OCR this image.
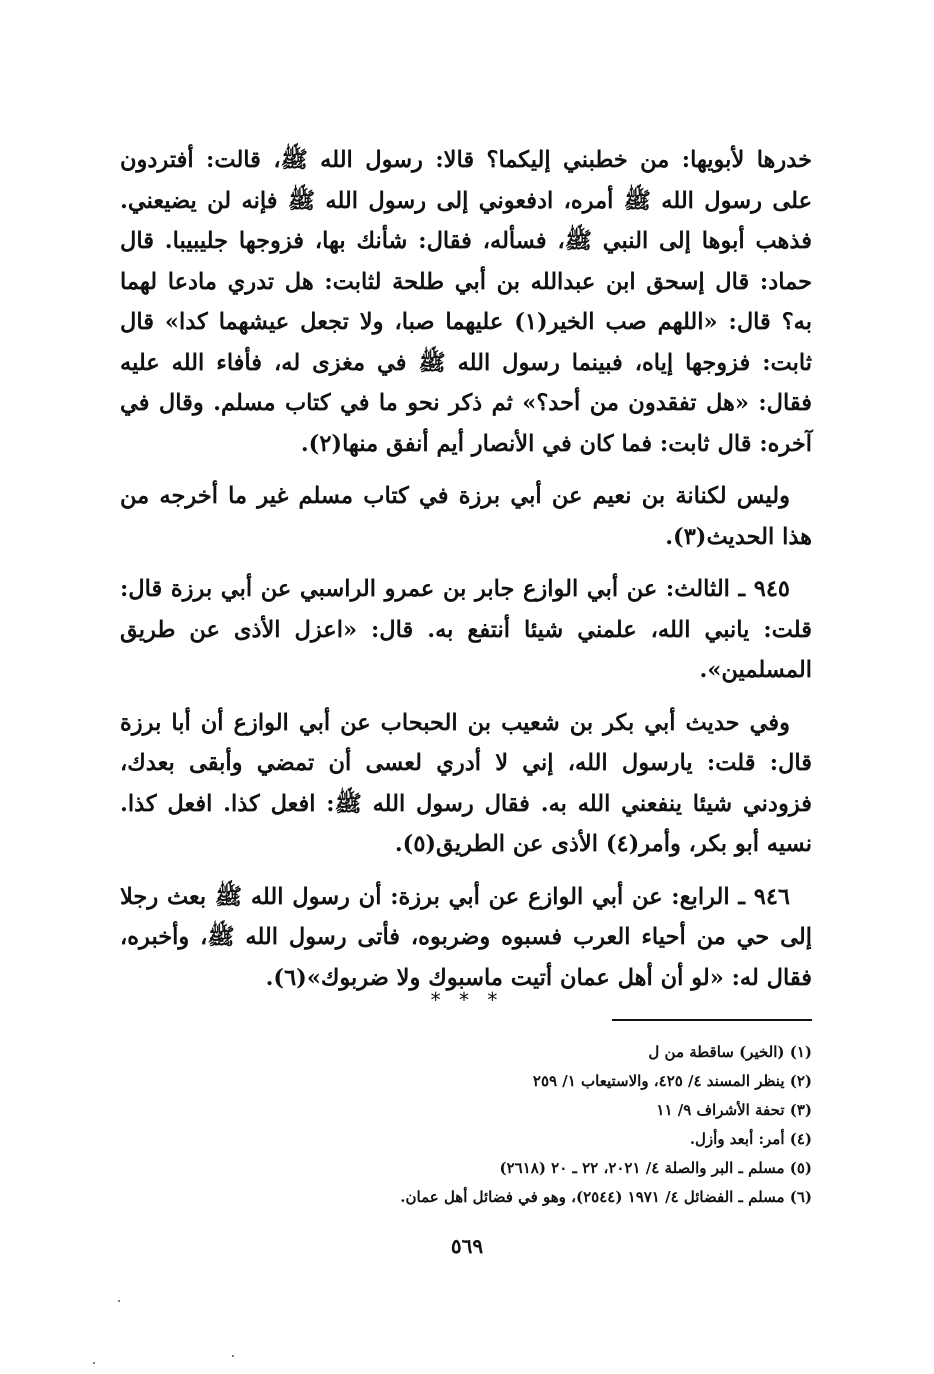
خدرها لأبويها: من خطبني إليكما؟ قالا: رسول الله ﷺ، قالت: أفتردون على رسول الله ﷺ أمره، ادفعوني إلى رسول الله ﷺ فإنه لن يضيعني. فذهب أبوها إلى النبي ﷺ، فسأله، فقال: شأنك بها، فزوجها جليبيبا. قال حماد: قال إسحق ابن عبدالله بن أبي طلحة لثابت: هل تدري مادعا لهما به؟ قال: «اللهم صب الخير(١) عليهما صبا، ولا تجعل عيشهما كدا» قال ثابت: فزوجها إياه، فبينما رسول الله ﷺ في مغزى له، فأفاء الله عليه فقال: «هل تفقدون من أحد؟» ثم ذكر نحو ما في كتاب مسلم. وقال في آخره: قال ثابت: فما كان في الأنصار أيم أنفق منها(٢).

وليس لكنانة بن نعيم عن أبي برزة في كتاب مسلم غير ما أخرجه من هذا الحديث(٣).

٩٤٥ ـ الثالث: عن أبي الوازع جابر بن عمرو الراسبي عن أبي برزة قال: قلت: يانبي الله، علمني شيئا أنتفع به. قال: «اعزل الأذى عن طريق المسلمين».

وفي حديث أبي بكر بن شعيب بن الحبحاب عن أبي الوازع أن أبا برزة قال: قلت: يارسول الله، إني لا أدري لعسى أن تمضي وأبقى بعدك، فزودني شيئا ينفعني الله به. فقال رسول الله ﷺ: افعل كذا. افعل كذا. نسيه أبو بكر، وأمر(٤) الأذى عن الطريق(٥).

٩٤٦ ـ الرابع: عن أبي الوازع عن أبي برزة: أن رسول الله ﷺ بعث رجلا إلى حي من أحياء العرب فسبوه وضربوه، فأتى رسول الله ﷺ، وأخبره، فقال له: «لو أن أهل عمان أتيت ماسبوك ولا ضربوك»(٦).

* * *

(١) (الخير) ساقطة من ل

(٢) ينظر المسند ٤/ ٤٢٥، والاستيعاب ١/ ٢٥٩

(٣) تحفة الأشراف ٩/ ١١

(٤) أمر: أبعد وأزل.

(٥) مسلم ـ البر والصلة ٤/ ٢٠٢١، ٢٢ ـ ٢٠ (٢٦١٨)

(٦) مسلم ـ الفضائل ٤/ ١٩٧١ (٢٥٤٤)، وهو في فضائل أهل عمان.

٥٦٩
